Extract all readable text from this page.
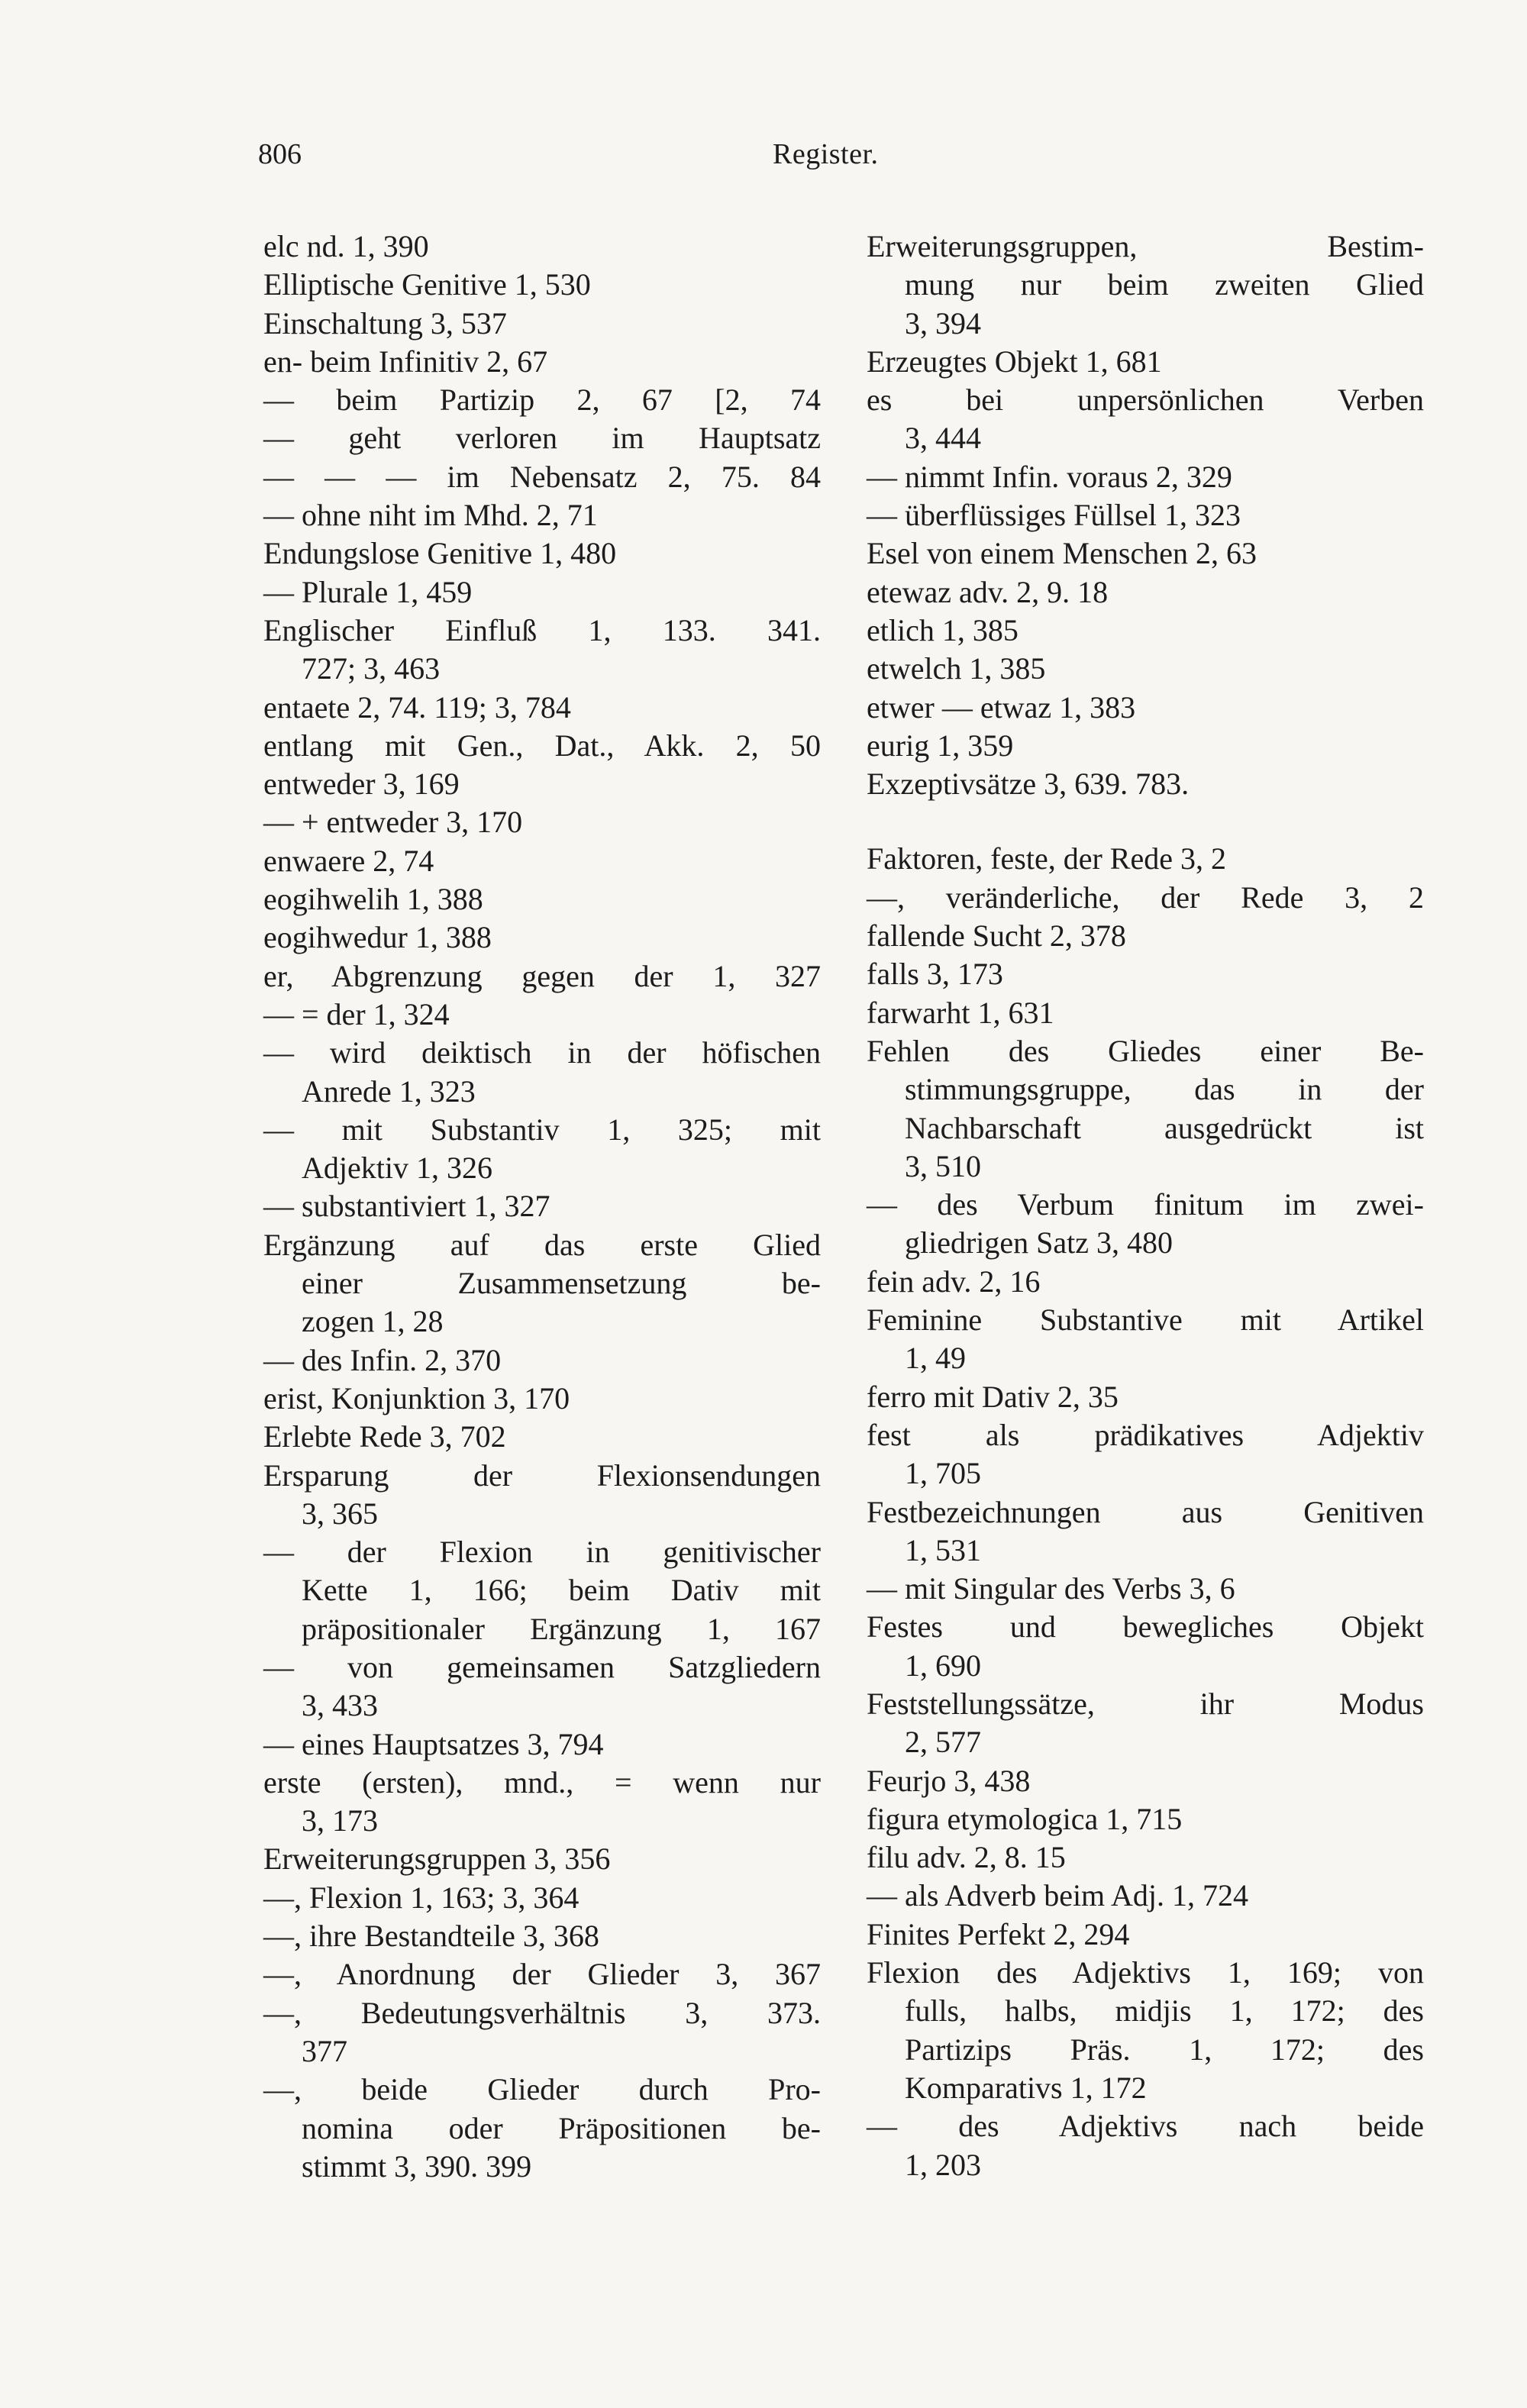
806	Register.
elc nd. 1, 390
Elliptische Genitive 1, 530
Einschaltung 3, 537
en- beim Infinitiv 2, 67
— beim Partizip 2, 67 [2, 74
— geht verloren im Hauptsatz
— — — im Nebensatz 2, 75. 84
— ohne niht im Mhd. 2, 71
Endungslose Genitive 1, 480
— Plurale 1, 459
Englischer Einfluß 1, 133. 341.
727; 3, 463
entaete 2, 74. 119; 3, 784
entlang mit Gen., Dat., Akk. 2, 50
entweder 3, 169
— + entweder 3, 170
enwaere 2, 74
eogihwelih 1, 388
eogihwedur 1, 388
er, Abgrenzung gegen der 1, 327
— = der 1, 324
— wird deiktisch in der höfischen
Anrede 1, 323
— mit Substantiv 1, 325; mit
Adjektiv 1, 326
— substantiviert 1, 327
Ergänzung auf das erste Glied
einer Zusammensetzung be-
zogen 1, 28
— des Infin. 2, 370
erist, Konjunktion 3, 170
Erlebte Rede 3, 702
Ersparung der Flexionsendungen
3, 365
— der Flexion in genitivischer
Kette 1, 166; beim Dativ mit
präpositionaler Ergänzung 1, 167
— von gemeinsamen Satzgliedern
3, 433
— eines Hauptsatzes 3, 794
erste (ersten), mnd., = wenn nur
3, 173
Erweiterungsgruppen 3, 356
—, Flexion 1, 163; 3, 364
—, ihre Bestandteile 3, 368
—, Anordnung der Glieder 3, 367
—, Bedeutungsverhältnis 3, 373.
377
—, beide Glieder durch Pro-
nomina oder Präpositionen be-
stimmt 3, 390. 399
Erweiterungsgruppen, Bestim-
mung nur beim zweiten Glied
3, 394
Erzeugtes Objekt 1, 681
es bei unpersönlichen Verben
3, 444
— nimmt Infin. voraus 2, 329
— überflüssiges Füllsel 1, 323
Esel von einem Menschen 2, 63
etewaz adv. 2, 9. 18
etlich 1, 385
etwelch 1, 385
etwer — etwaz 1, 383
eurig 1, 359
Exzeptivsätze 3, 639. 783.
Faktoren, feste, der Rede 3, 2
—, veränderliche, der Rede 3, 2
fallende Sucht 2, 378
falls 3, 173
farwarht 1, 631
Fehlen des Gliedes einer Be-
stimmungsgruppe, das in der
Nachbarschaft ausgedrückt ist
3, 510
— des Verbum finitum im zwei-
gliedrigen Satz 3, 480
fein adv. 2, 16
Feminine Substantive mit Artikel
1, 49
ferro mit Dativ 2, 35
fest als prädikatives Adjektiv
1, 705
Festbezeichnungen aus Genitiven
1, 531
— mit Singular des Verbs 3, 6
Festes und bewegliches Objekt
1, 690
Feststellungssätze, ihr Modus
2, 577
Feurjo 3, 438
figura etymologica 1, 715
filu adv. 2, 8. 15
— als Adverb beim Adj. 1, 724
Finites Perfekt 2, 294
Flexion des Adjektivs 1, 169; von
fulls, halbs, midjis 1, 172; des
Partizips Präs. 1, 172; des
Komparativs 1, 172
— des Adjektivs nach beide
1, 203
